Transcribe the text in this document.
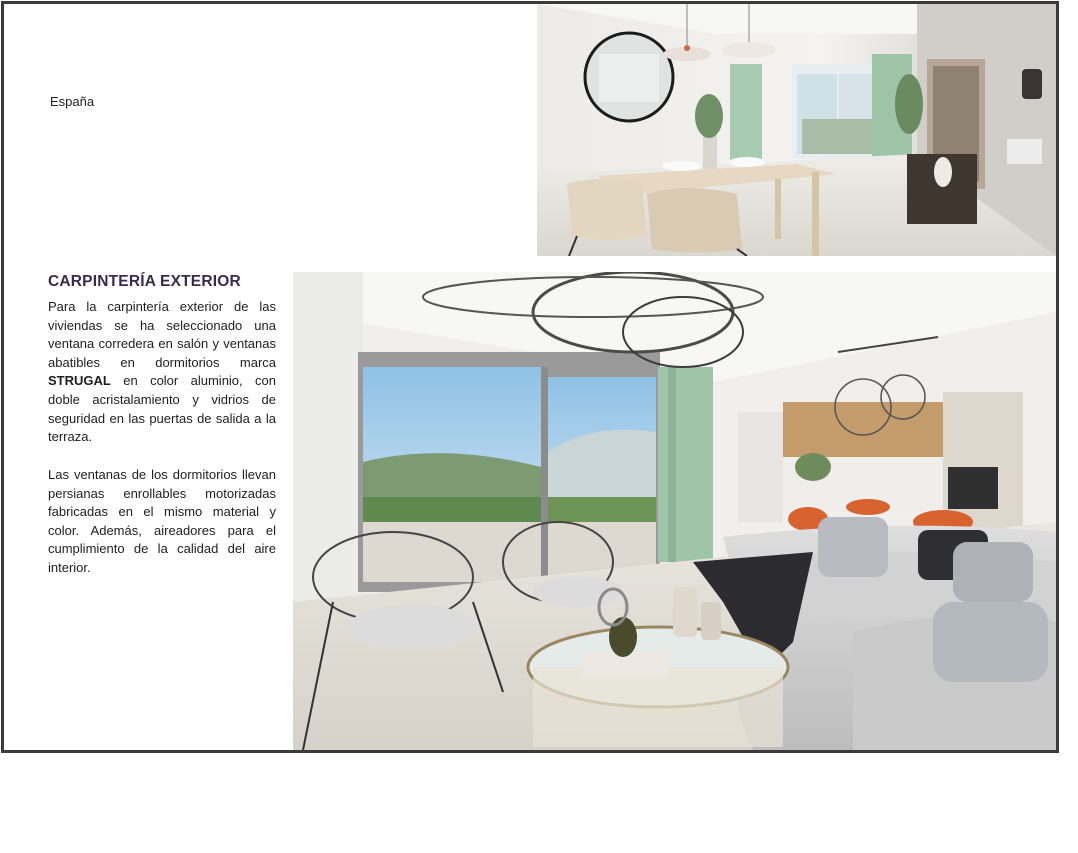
España
CARPINTERÍA EXTERIOR
Para la carpintería exterior de las viviendas se ha seleccionado una ventana corredera en salón y ventanas abatibles en dormitorios marca STRUGAL en color aluminio, con doble acristalamiento y vidrios de seguridad en las puertas de salida a la terraza.
Las ventanas de los dormitorios llevan persianas enrollables motorizadas fabricadas en el mismo material y color. Además, aireadores para el cumplimiento de la calidad del aire interior.
